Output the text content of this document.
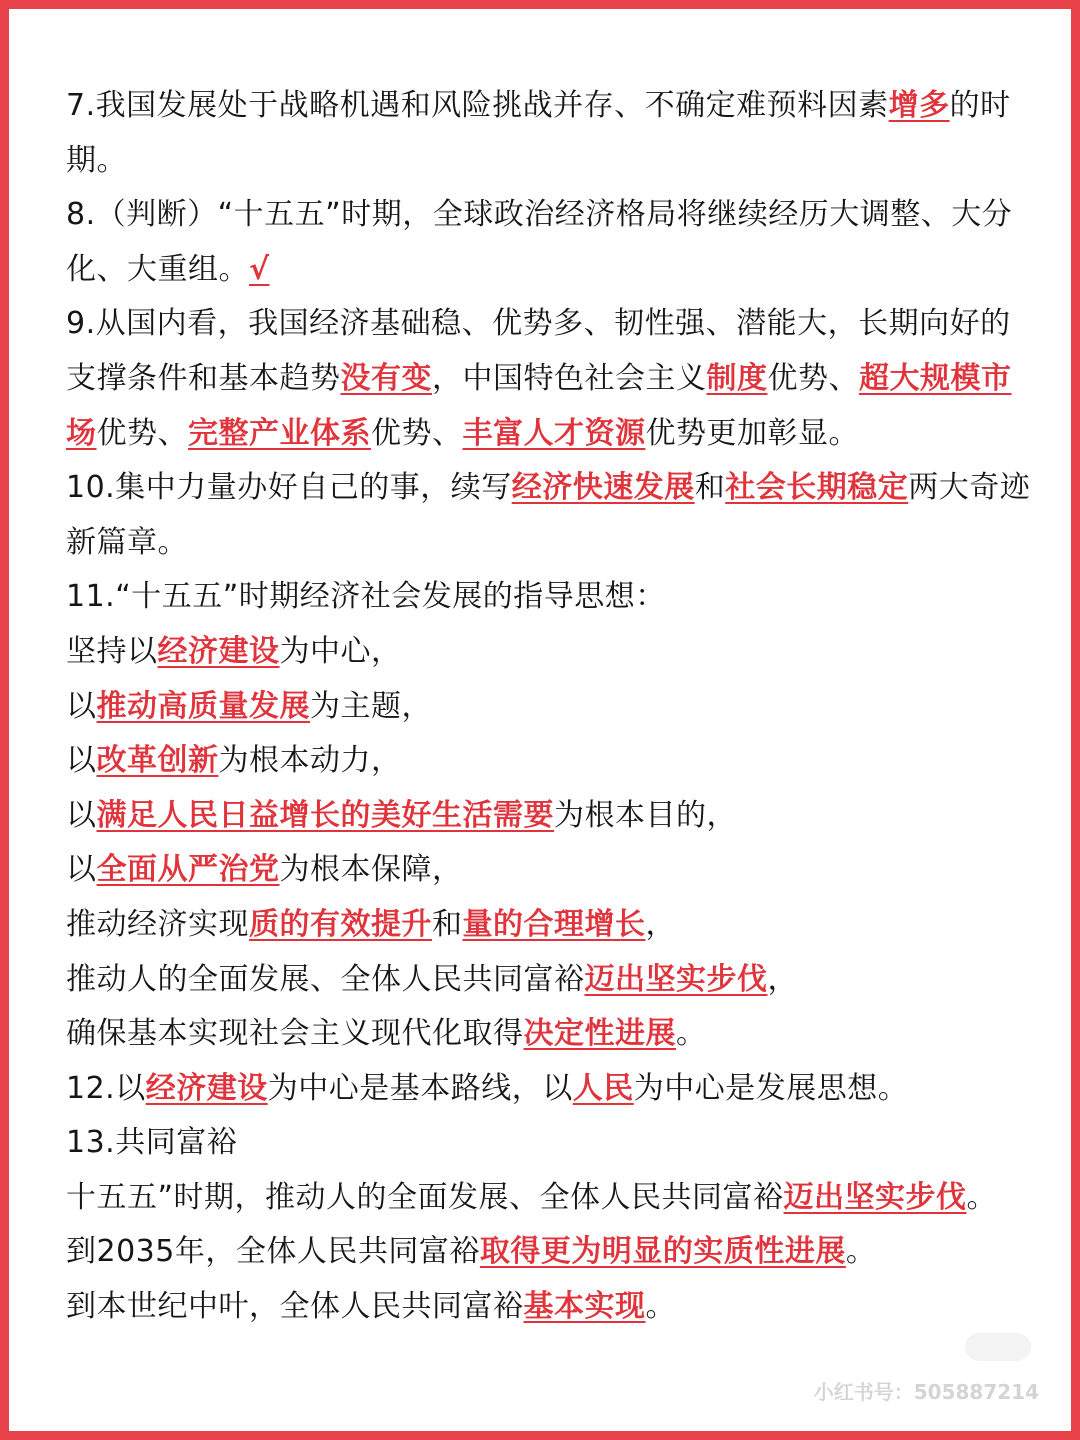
7.我国发展处于战略机遇和风险挑战并存、不确定难预料因素增多的时
期。
8.（判断）“十五五”时期，全球政治经济格局将继续经历大调整、大分
化、大重组。√
9.从国内看，我国经济基础稳、优势多、韧性强、潜能大，长期向好的
支撑条件和基本趋势没有变，中国特色社会主义制度优势、超大规模市
场优势、完整产业体系优势、丰富人才资源优势更加彰显。
10.集中力量办好自己的事，续写经济快速发展和社会长期稳定两大奇迹
新篇章。
11.“十五五”时期经济社会发展的指导思想：
坚持以经济建设为中心，
以推动高质量发展为主题，
以改革创新为根本动力，
以满足人民日益增长的美好生活需要为根本目的，
以全面从严治党为根本保障，
推动经济实现质的有效提升和量的合理增长，
推动人的全面发展、全体人民共同富裕迈出坚实步伐，
确保基本实现社会主义现代化取得决定性进展。
12.以经济建设为中心是基本路线，以人民为中心是发展思想。
13.共同富裕
十五五”时期，推动人的全面发展、全体人民共同富裕迈出坚实步伐。
到2035年，全体人民共同富裕取得更为明显的实质性进展。
到本世纪中叶，全体人民共同富裕基本实现。
小红书号：505887214
